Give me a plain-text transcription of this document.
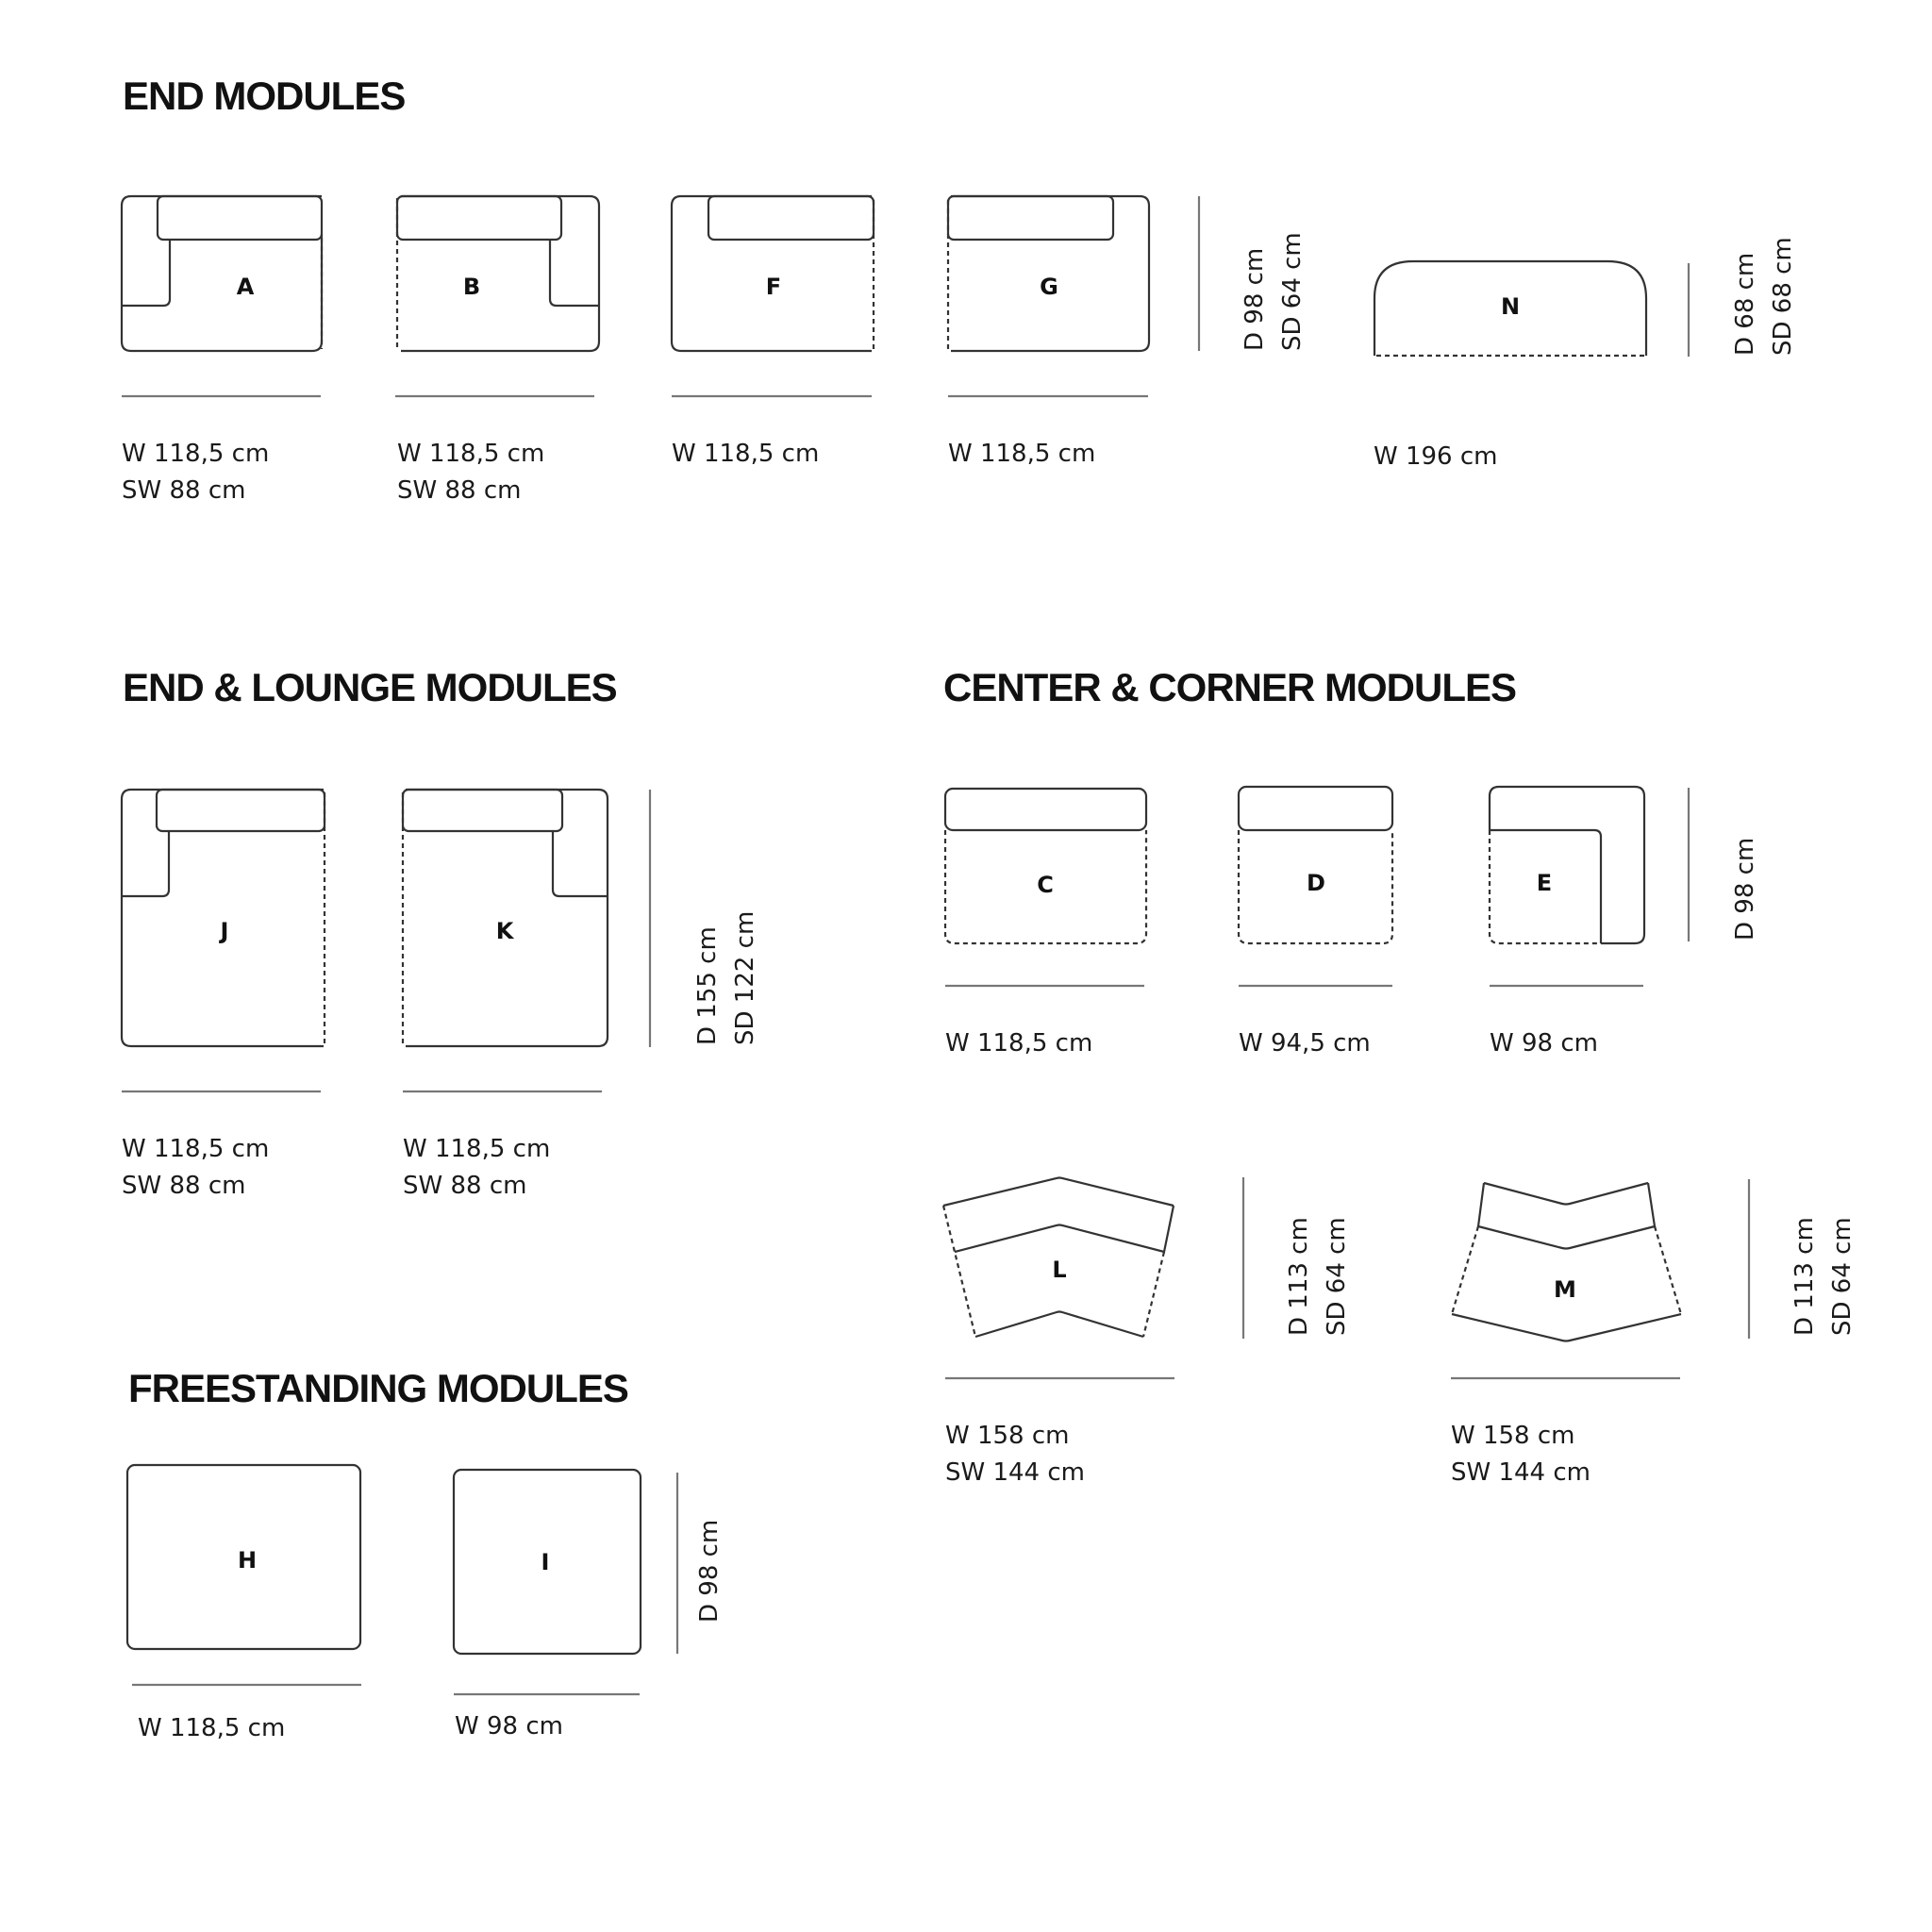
END MODULES
END & LOUNGE MODULES	CENTER & CORNER MODULES
FREESTANDING MODULES
A
W 118,5 cm
SW 88 cm
B
W 118,5 cm
SW 88 cm
F
W 118,5 cm
G
W 118,5 cm
D 98 cm SD 64 cm	N
W 196 cm
D 68 cm SD 68 cm
J
W 118,5 cm
SW 88 cm
K
W 118,5 cm
SW 88 cm
D 155 cm SD 122 cm
C
W 118,5 cm
D
W 94,5 cm
E
W 98 cm
D 98 cm
L
W 158 cm
SW 144 cm
D 113 cm SD 64 cm	M
W 158 cm
SW 144 cm
D 113 cm SD 64 cm
H
W 118,5 cm
I
W 98 cm
D 98 cm
